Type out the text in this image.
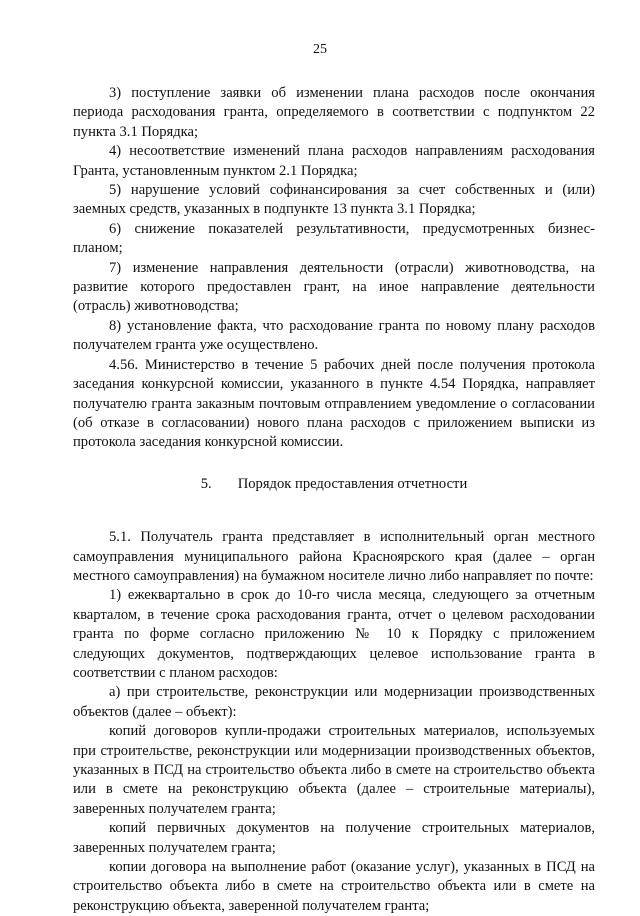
25

3) поступление заявки об изменении плана расходов после окончания периода расходования гранта, определяемого в соответствии с подпунктом 22 пункта 3.1 Порядка;

4) несоответствие изменений плана расходов направлениям расходования Гранта, установленным пунктом 2.1 Порядка;

5) нарушение условий софинансирования за счет собственных и (или) заемных средств, указанных в подпункте 13 пункта 3.1 Порядка;

6) снижение показателей результативности, предусмотренных бизнес-планом;

7) изменение направления деятельности (отрасли) животноводства, на развитие которого предоставлен грант, на иное направление деятельности (отрасль) животноводства;

8) установление факта, что расходование гранта по новому плану расходов получателем гранта уже осуществлено.

4.56. Министерство в течение 5 рабочих дней после получения протокола заседания конкурсной комиссии, указанного в пункте 4.54 Порядка, направляет получателю гранта заказным почтовым отправлением уведомление о согласовании (об отказе в согласовании) нового плана расходов с приложением выписки из протокола заседания конкурсной комиссии.

5. Порядок предоставления отчетности

5.1. Получатель гранта представляет в исполнительный орган местного самоуправления муниципального района Красноярского края (далее – орган местного самоуправления) на бумажном носителе лично либо направляет по почте:

1) ежеквартально в срок до 10-го числа месяца, следующего за отчетным кварталом, в течение срока расходования гранта, отчет о целевом расходовании гранта по форме согласно приложению № 10 к Порядку с приложением следующих документов, подтверждающих целевое использование гранта в соответствии с планом расходов:

а) при строительстве, реконструкции или модернизации производственных объектов (далее – объект):

копий договоров купли-продажи строительных материалов, используемых при строительстве, реконструкции или модернизации производственных объектов, указанных в ПСД на строительство объекта либо в смете на строительство объекта или в смете на реконструкцию объекта (далее – строительные материалы), заверенных получателем гранта;

копий первичных документов на получение строительных материалов, заверенных получателем гранта;

копии договора на выполнение работ (оказание услуг), указанных в ПСД на строительство объекта либо в смете на строительство объекта или в смете на реконструкцию объекта, заверенной получателем гранта;
